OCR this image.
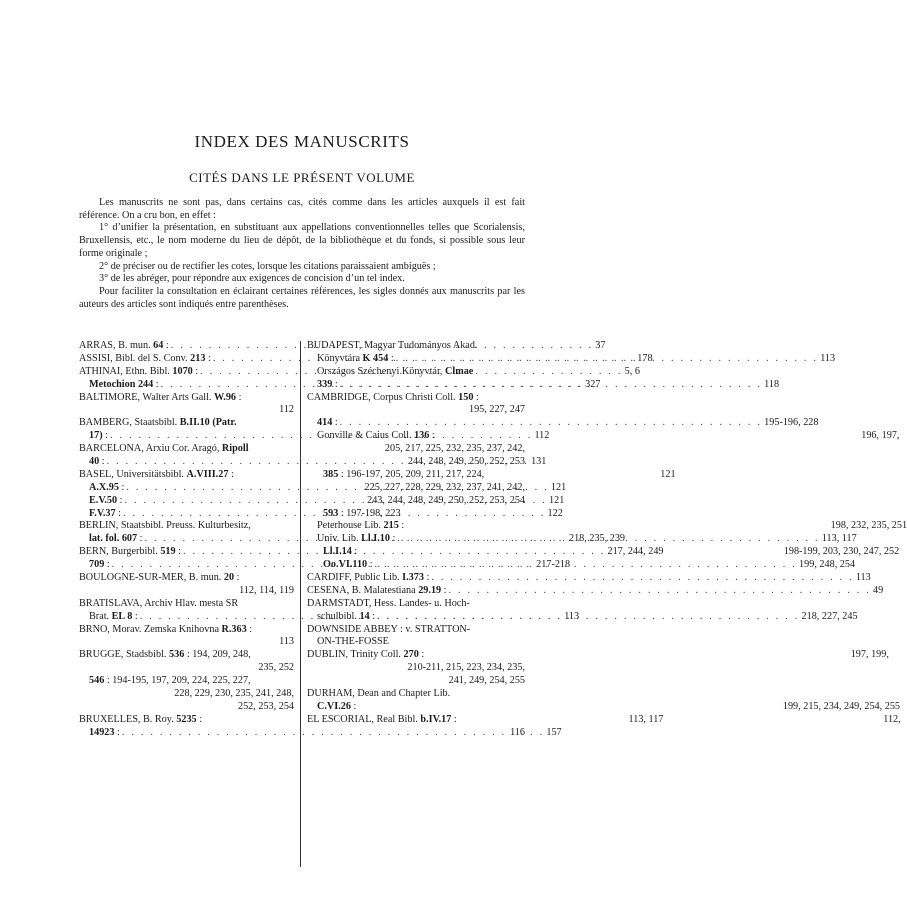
INDEX DES MANUSCRITS
CITÉS DANS LE PRÉSENT VOLUME

Les manuscrits ne sont pas, dans certains cas, cités comme dans les articles auxquels il est fait référence. On a cru bon, en effet :

1° d’unifier la présentation, en substituant aux appellations conventionnelles telles que Scorialensis, Bruxellensis, etc., le nom moderne du lieu de dépôt, de la bibliothèque et du fonds, si possible sous leur forme originale ;

2° de préciser ou de rectifier les cotes, lorsque les citations paraissaient ambiguës ;

3° de les abréger, pour répondre aux exigences de concision d’un tel index.

Pour faciliter la consultation en éclairant certaines références, les sigles donnés aux manuscrits par les auteurs des articles sont indiqués entre parenthèses.

ARRAS, B. mun. 64 : . . .	37
ASSISI, Bibl. del S. Conv. 213 : . . .	178
ATHINAI, Ethn. Bibl. 1070 : . . .	5, 6
Metochion 244 : . . .	327
BALTIMORE, Walter Arts Gall. W.96 :
112
BAMBERG, Staatsbibl. B.II.10 (Patr.
17) : . . .	112
BARCELONA, Arxiu Cor. Aragó, Ripoll
40 : . . .	131
BASEL, Universitätsbibl. A.VIII.27 :	121
A.X.95 : . . .	121
E.V.50 : . . .	121
F.V.37 : . . .	122
BERLIN, Staatsbibl. Preuss. Kulturbesitz,
lat. fol. 607 : . . .	218, 235, 239
BERN, Burgerbibl. 519 : . . .	217, 244, 249
709 : . . .	217-218
BOULOGNE-SUR-MER, B. mun. 20 :
112, 114, 119
BRATISLAVA, Archiv Hlav. mesta SR
Brat. EL 8 : . . .	113
BRNO, Morav. Zemska Knihovna R.363 :
113
BRUGGE, Stadsbibl. 536 : 194, 209, 248,
235, 252
546 : 194-195, 197, 209, 224, 225, 227,
228, 229, 230, 235, 241, 248,
252, 253, 254
BRUXELLES, B. Roy. 5235 :	113, 117
14923 : . . .	157
BUDAPEST, Magyar Tudományos Akad.
Könyvtára K 454 : . . .	113
Országos Széchenyi Könyvtár, Clmae
339 : . . .	118
CAMBRIDGE, Corpus Christi Coll. 150 :
195, 227, 247
414 : . . .	195-196, 228
Gonville & Caius Coll. 136 :	196, 197,
205, 217, 225, 232, 235, 237, 242,
244, 248, 249, 250, 252, 253
385 : 196-197, 205, 209, 211, 217, 224,
225, 227, 228, 229, 232, 237, 241, 242,
243, 244, 248, 249, 250, 252, 253, 254
593 : 197-198, 223
Peterhouse Lib. 215 :	198, 232, 235, 251
Univ. Lib. Ll.I.10 : . . .	113, 117
Ll.I.14 :	198-199, 203, 230, 247, 252
Oo.VI.110 : . . .	199, 248, 254
CARDIFF, Public Lib. I.373 : . . .	113
CESENA, B. Malatestiana 29.19 : . . .	49
DARMSTADT, Hess. Landes- u. Hoch-
schulbibl. 14 : . . .	218, 227, 245
DOWNSIDE ABBEY : v. STRATTON-
ON-THE-FOSSE
DUBLIN, Trinity Coll. 270 :	197, 199,
210-211, 215, 223, 234, 235,
241, 249, 254, 255
DURHAM, Dean and Chapter Lib.
C.VI.26 :	199, 215, 234, 249, 254, 255
EL ESCORIAL, Real Bibl. b.IV.17 :	112,
116
